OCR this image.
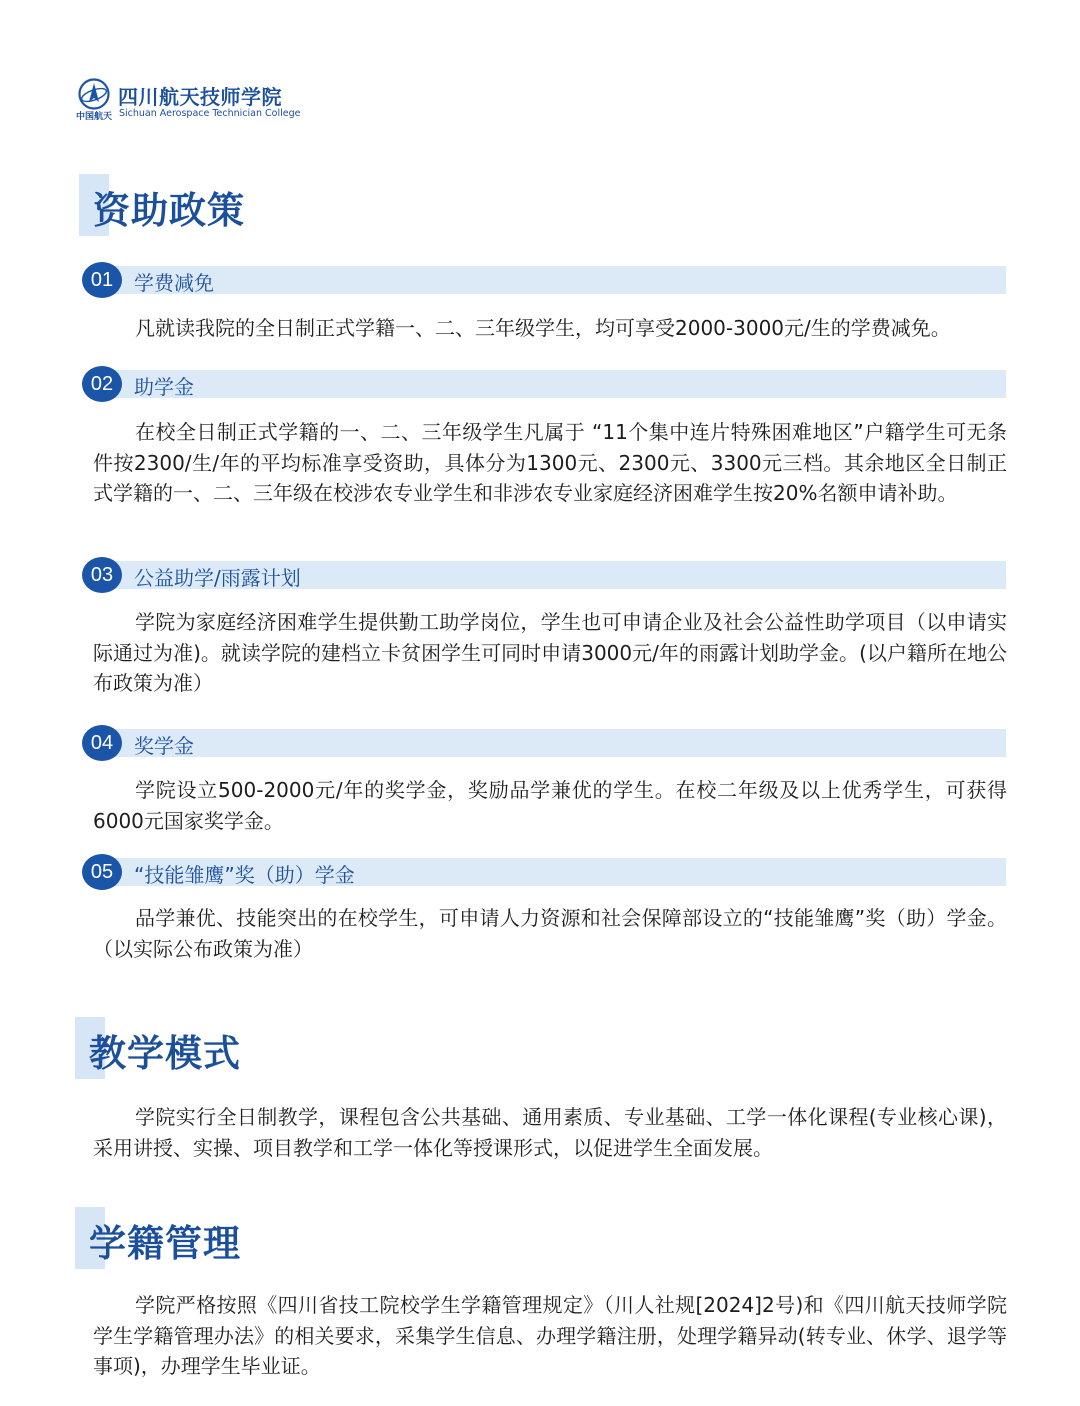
中国航天
四川航天技师学院
Sichuan Aerospace Technician College
资助政策
01	学费减免

凡就读我院的全日制正式学籍一、二、三年级学生，均可享受2000-3000元/生的学费减免。

02	助学金

在校全日制正式学籍的一、二、三年级学生凡属于 “11个集中连片特殊困难地区”户籍学生可无条件按2300/生/年的平均标准享受资助，具体分为1300元、2300元、3300元三档。其余地区全日制正式学籍的一、二、三年级在校涉农专业学生和非涉农专业家庭经济困难学生按20%名额申请补助。

03	公益助学/雨露计划

学院为家庭经济困难学生提供勤工助学岗位，学生也可申请企业及社会公益性助学项目（以申请实际通过为准)。就读学院的建档立卡贫困学生可同时申请3000元/年的雨露计划助学金。(以户籍所在地公布政策为准）

04	奖学金

学院设立500-2000元/年的奖学金，奖励品学兼优的学生。在校二年级及以上优秀学生，可获得6000元国家奖学金。

05	“技能雏鹰”奖（助）学金

品学兼优、技能突出的在校学生，可申请人力资源和社会保障部设立的“技能雏鹰”奖（助）学金。（以实际公布政策为准）

教学模式

学院实行全日制教学，课程包含公共基础、通用素质、专业基础、工学一体化课程(专业核心课)，采用讲授、实操、项目教学和工学一体化等授课形式，以促进学生全面发展。

学籍管理

学院严格按照《四川省技工院校学生学籍管理规定》（川人社规[2024]2号)和《四川航天技师学院学生学籍管理办法》的相关要求，采集学生信息、办理学籍注册，处理学籍异动(转专业、休学、退学等事项)，办理学生毕业证。
